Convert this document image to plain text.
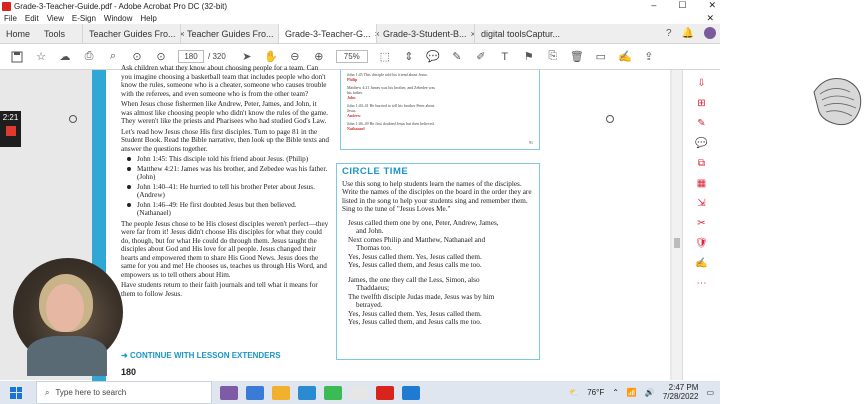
Grade-3-Teacher-Guide.pdf - Adobe Acrobat Pro DC (32-bit)	– ☐ ✕
File Edit View E-Sign Window Help	✕
Home	Tools	Teacher Guides Fro... × Teacher Guides Fro... Grade-3-Teacher-G... × Grade-3-Student-B... × digital toolsCaptur...	? 🔔
☆ ☁ ⎙	⌕	⊙ ⊙	180	/ 320 ➤ ✋ ⊖ ⊕	75%	⬚ ⇕ 💬 ✎ ✐	T	⚑ ⎘ 🗑 ▭ ✍ ⇪

Ask children what they know about choosing people for a team. Can you imagine choosing a basketball team that includes people who don't know the rules, someone who is a cheater, someone who causes trouble with the referees, and even someone who is from the other team?

When Jesus chose fishermen like Andrew, Peter, James, and John, it was almost like choosing people who didn't know the rules of the game. They weren't like the priests and Pharisees who had studied God's Law.

Let's read how Jesus chose His first disciples. Turn to page 81 in the Student Book. Read the Bible narrative, then look up the Bible texts and answer the questions together.

John 1:45: This disciple told his friend about Jesus. (Philip)
Matthew 4:21: James was his brother, and Zebedee was his father. (John)
John 1:40–41: He hurried to tell his brother Peter about Jesus. (Andrew)
John 1:46–49: He first doubted Jesus but then believed. (Nathanael)

The people Jesus chose to be His closest disciples weren't perfect—they were far from it! Jesus didn't choose His disciples for what they could do, though, but for what He could do through them. Jesus taught the disciples about God and His love for all people. Jesus changed their hearts and empowered them to share His Good News. Jesus does the same for you and me! He chooses us, teaches us through His Word, and empowers us to tell others about Him.

Have students return to their faith journals and tell what it means for them to follow Jesus.

➜ CONTINUE WITH LESSON EXTENDERS
180
John 1:45 This disciple told his friend about Jesus.
Philip
Matthew 4:21 James was his brother, and Zebedee was his father.
John
John 1:40–41 He hurried to tell his brother Peter about Jesus.
Andrew
John 1:46–49 He first doubted Jesus but then believed.
Nathanael
91
CIRCLE TIME

Use this song to help students learn the names of the disciples. Write the names of the disciples on the board in the order they are listed in the song to help your students sing and remember them. Sing to the tune of "Jesus Loves Me."

Jesus called them one by one, Peter, Andrew, James,

and John.

Next comes Philip and Matthew, Nathanael and

Thomas too.

Yes, Jesus called them. Yes, Jesus called them.

Yes, Jesus called them, and Jesus calls me too.

James, the one they call the Less, Simon, also

Thaddaeus;

The twelfth disciple Judas made, Jesus was by him

betrayed.

Yes, Jesus called them. Yes, Jesus called them.

Yes, Jesus called them, and Jesus calls me too.

⇩
⊞
✎
💬
⧉
▦
⇲
✂
🛡
✍
⋯
2:21
⌕ Type here to search	⛅ 76°F ⌃ 📶 🔊	2:47 PM
7/28/2022 ▭
